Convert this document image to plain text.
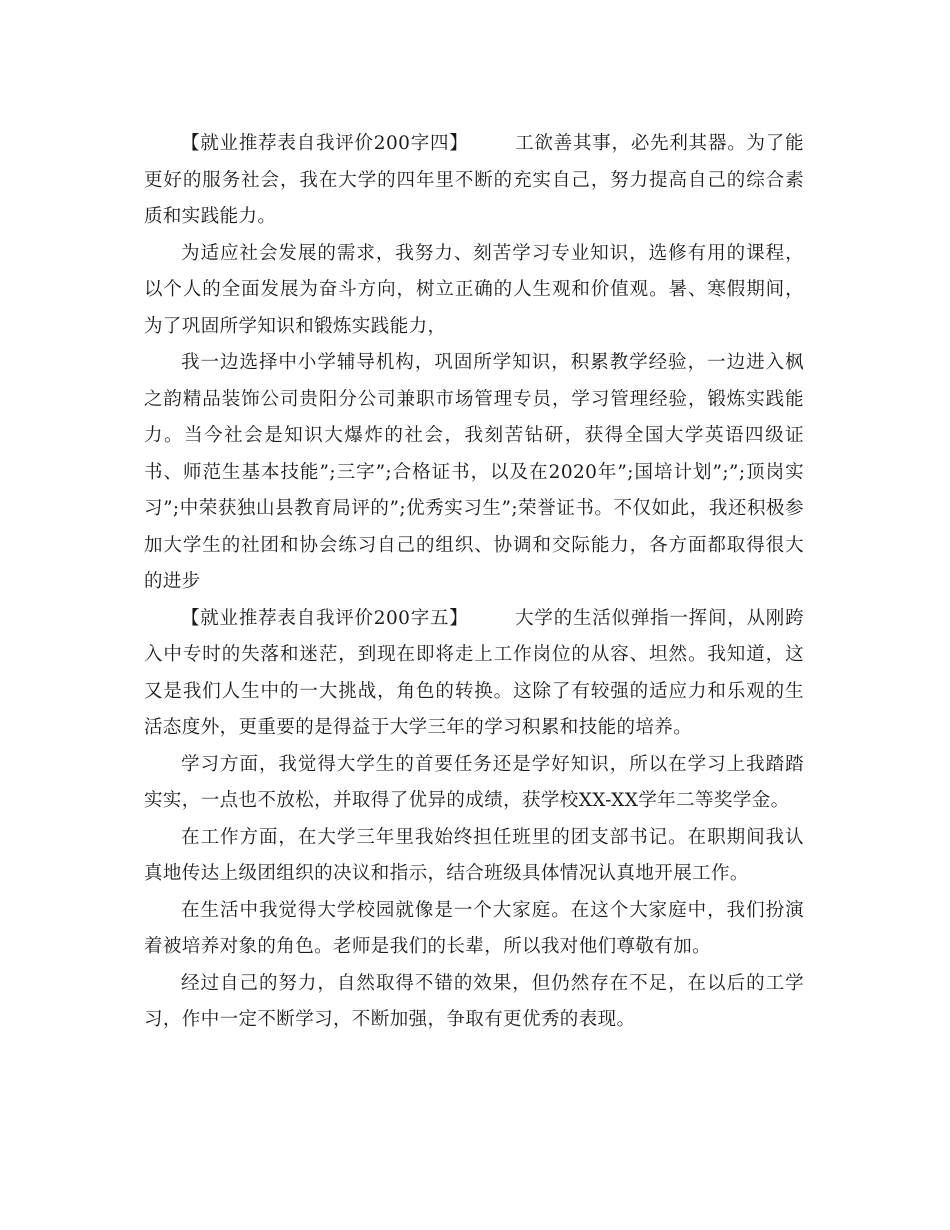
【就业推荐表自我评价200字四】	工欲善其事，必先利其器。为了能更好的服务社会，我在大学的四年里不断的充实自己，努力提高自己的综合素质和实践能力。

为适应社会发展的需求，我努力、刻苦学习专业知识，选修有用的课程，以个人的全面发展为奋斗方向，树立正确的人生观和价值观。暑、寒假期间，为了巩固所学知识和锻炼实践能力，

我一边选择中小学辅导机构，巩固所学知识，积累教学经验，一边进入枫之韵精品装饰公司贵阳分公司兼职市场管理专员，学习管理经验，锻炼实践能力。当今社会是知识大爆炸的社会，我刻苦钻研，获得全国大学英语四级证书、师范生基本技能”;三字”;合格证书，以及在2020年”;国培计划”;”;顶岗实习”;中荣获独山县教育局评的”;优秀实习生”;荣誉证书。不仅如此，我还积极参加大学生的社团和协会练习自己的组织、协调和交际能力，各方面都取得很大的进步

【就业推荐表自我评价200字五】	大学的生活似弹指一挥间，从刚跨入中专时的失落和迷茫，到现在即将走上工作岗位的从容、坦然。我知道，这又是我们人生中的一大挑战，角色的转换。这除了有较强的适应力和乐观的生活态度外，更重要的是得益于大学三年的学习积累和技能的培养。

学习方面，我觉得大学生的首要任务还是学好知识，所以在学习上我踏踏实实，一点也不放松，并取得了优异的成绩，获学校XX-XX学年二等奖学金。

在工作方面，在大学三年里我始终担任班里的团支部书记。在职期间我认真地传达上级团组织的决议和指示，结合班级具体情况认真地开展工作。

在生活中我觉得大学校园就像是一个大家庭。在这个大家庭中，我们扮演着被培养对象的角色。老师是我们的长辈，所以我对他们尊敬有加。

经过自己的努力，自然取得不错的效果，但仍然存在不足，在以后的工学习，作中一定不断学习，不断加强，争取有更优秀的表现。
